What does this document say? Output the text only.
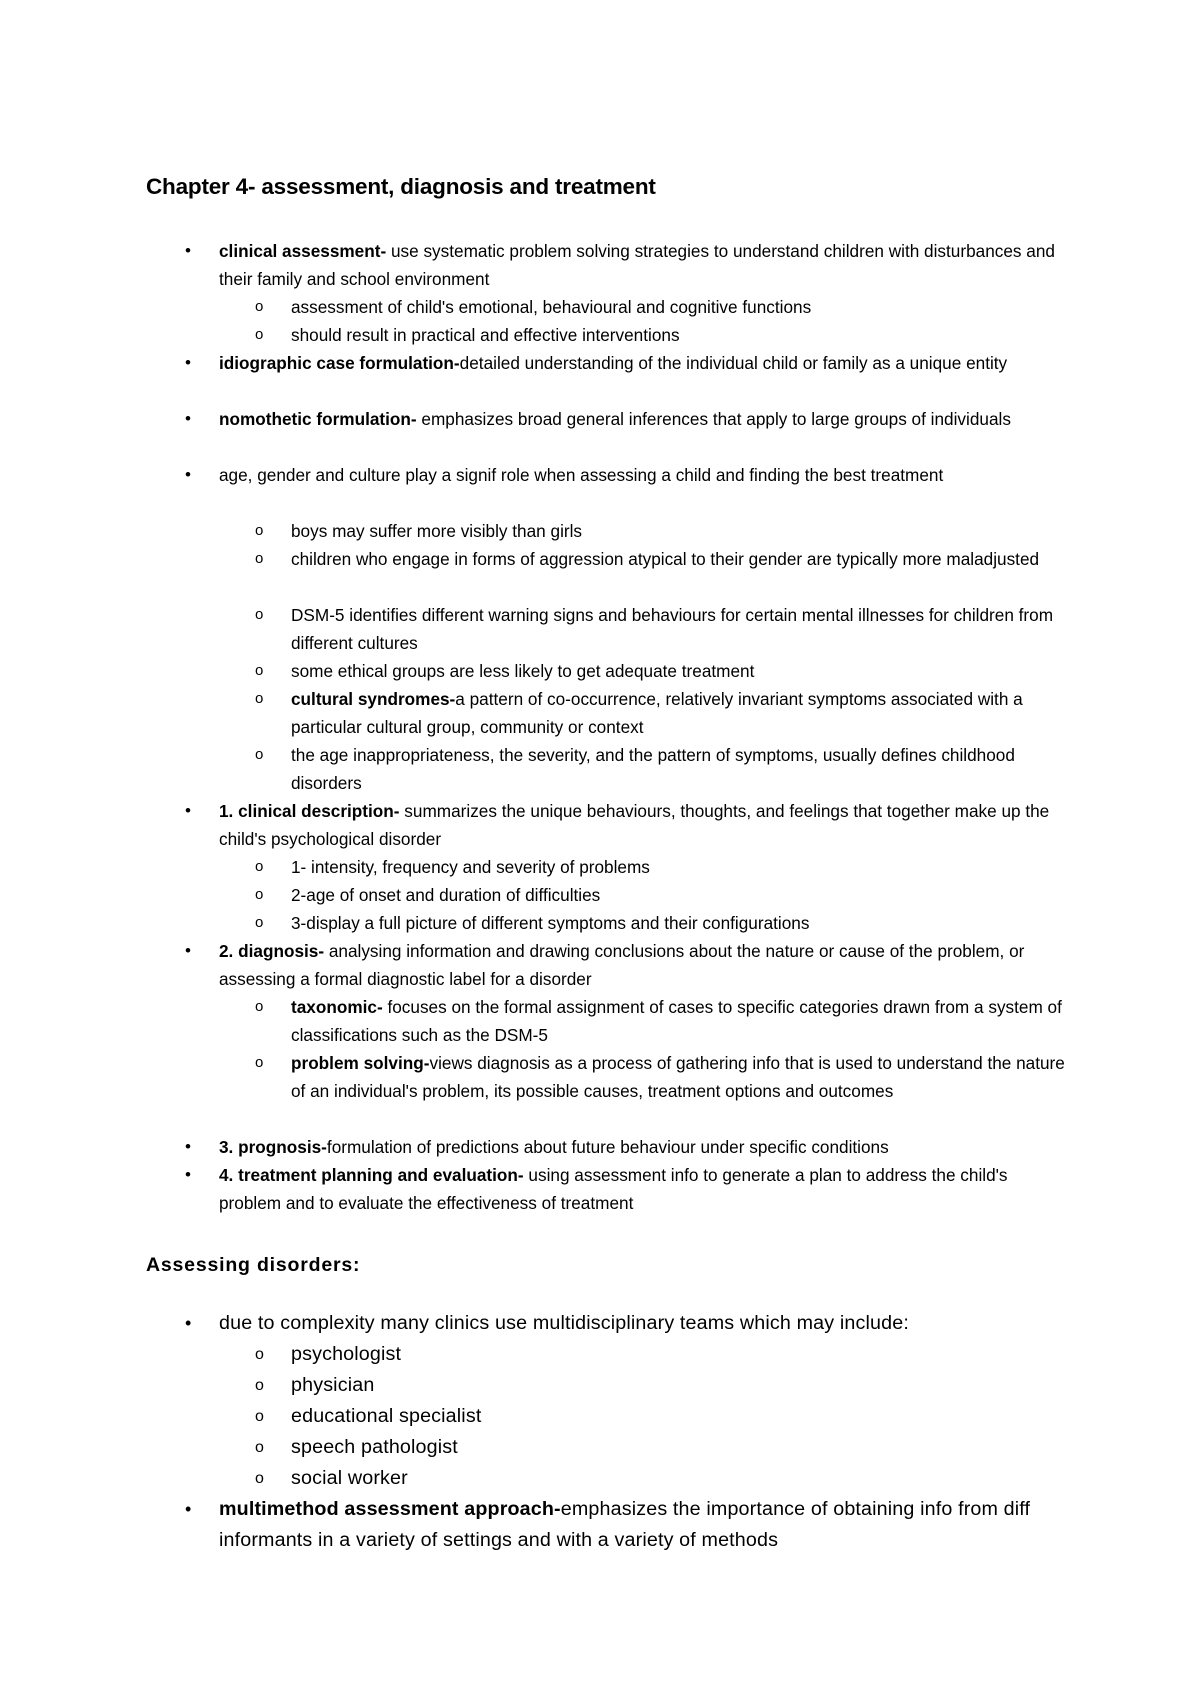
Chapter 4- assessment, diagnosis and treatment
• clinical assessment- use systematic problem solving strategies to understand children with disturbances and their family and school environment
o assessment of child's emotional, behavioural and cognitive functions
o should result in practical and effective interventions
• idiographic case formulation-detailed understanding of the individual child or family as a unique entity
• nomothetic formulation- emphasizes broad general inferences that apply to large groups of individuals
• age, gender and culture play a signif role when assessing a child and finding the best treatment
o boys may suffer more visibly than girls
o children who engage in forms of aggression atypical to their gender are typically more maladjusted
o DSM-5 identifies different warning signs and behaviours for certain mental illnesses for children from different cultures
o some ethical groups are less likely to get adequate treatment
o cultural syndromes-a pattern of co-occurrence, relatively invariant symptoms associated with a particular cultural group, community or context
o the age inappropriateness, the severity, and the pattern of symptoms, usually defines childhood disorders
• 1. clinical description- summarizes the unique behaviours, thoughts, and feelings that together make up the child's psychological disorder
o 1- intensity, frequency and severity of problems
o 2-age of onset and duration of difficulties
o 3-display a full picture of different symptoms and their configurations
• 2. diagnosis- analysing information and drawing conclusions about the nature or cause of the problem, or assessing a formal diagnostic label for a disorder
o taxonomic- focuses on the formal assignment of cases to specific categories drawn from a system of classifications such as the DSM-5
o problem solving-views diagnosis as a process of gathering info that is used to understand the nature of an individual's problem, its possible causes, treatment options and outcomes
• 3. prognosis-formulation of predictions about future behaviour under specific conditions
• 4. treatment planning and evaluation- using assessment info to generate a plan to address the child's problem and to evaluate the effectiveness of treatment
Assessing disorders:
• due to complexity many clinics use multidisciplinary teams which may include:
o psychologist
o physician
o educational specialist
o speech pathologist
o social worker
• multimethod assessment approach-emphasizes the importance of obtaining info from diff informants in a variety of settings and with a variety of methods
